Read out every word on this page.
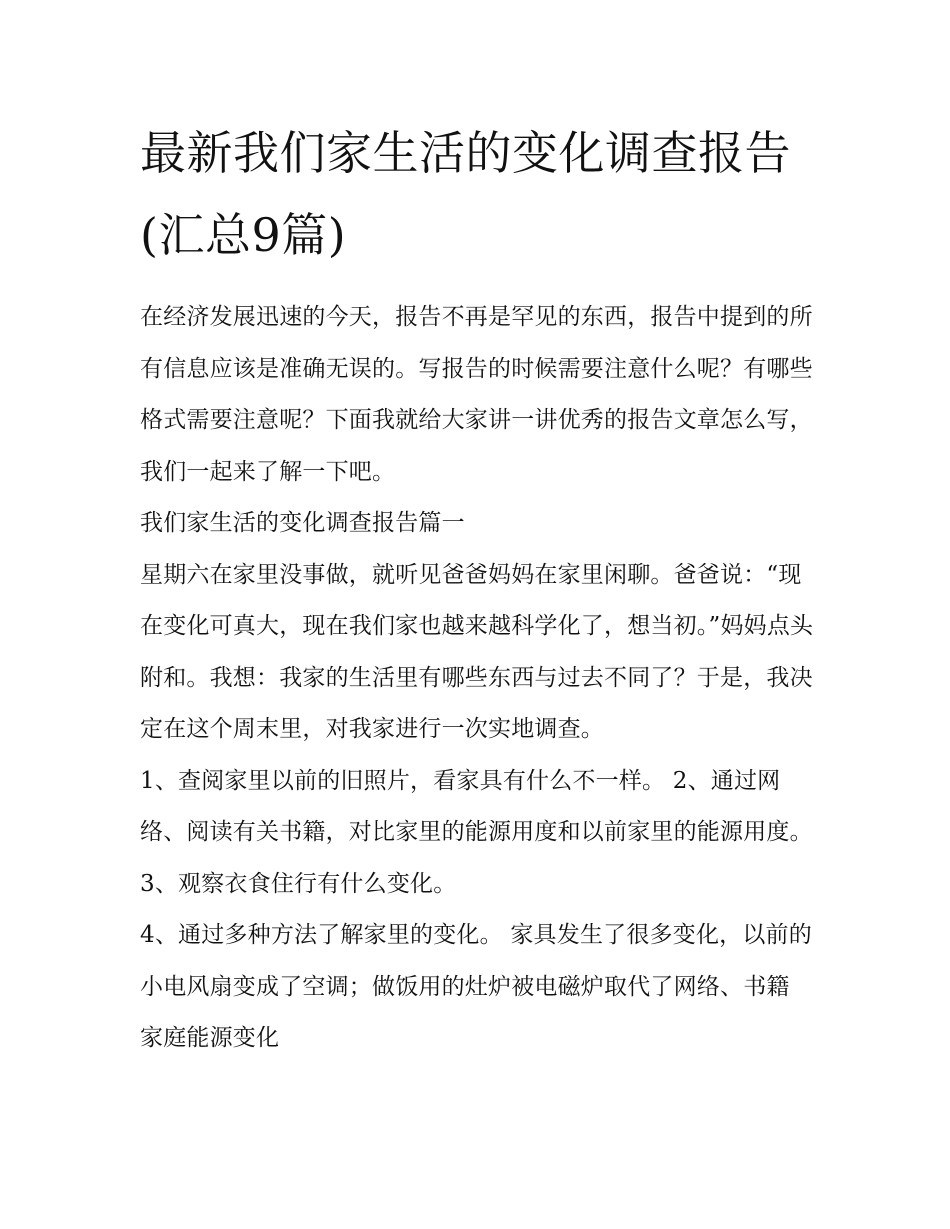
最新我们家生活的变化调查报告(汇总9篇)

在经济发展迅速的今天，报告不再是罕见的东西，报告中提到的所有信息应该是准确无误的。写报告的时候需要注意什么呢？有哪些格式需要注意呢？下面我就给大家讲一讲优秀的报告文章怎么写，我们一起来了解一下吧。

我们家生活的变化调查报告篇一

星期六在家里没事做，就听见爸爸妈妈在家里闲聊。爸爸说：“现在变化可真大，现在我们家也越来越科学化了，想当初。”妈妈点头附和。我想：我家的生活里有哪些东西与过去不同了？于是，我决定在这个周末里，对我家进行一次实地调查。

1、查阅家里以前的旧照片，看家具有什么不一样。 2、通过网络、阅读有关书籍，对比家里的能源用度和以前家里的能源用度。 3、观察衣食住行有什么变化。

4、通过多种方法了解家里的变化。 家具发生了很多变化，以前的 小电风扇变成了空调；做饭用的灶炉被电磁炉取代了网络、书籍 家庭能源变化
